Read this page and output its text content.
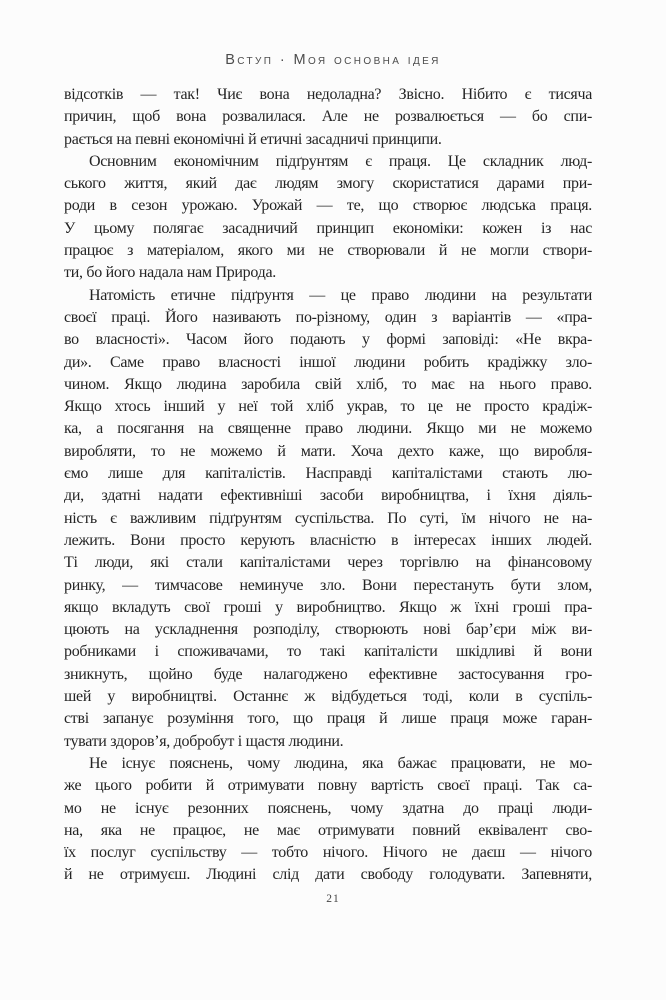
Вступ · Моя основна ідея
відсотків — так! Чиє вона недоладна? Звісно. Нібито є тисяча
причин, щоб вона розвалилася. Але не розвалюється — бо спи-
рається на певні економічні й етичні засадничі принципи.
Основним економічним підґрунтям є праця. Це складник люд-
ського життя, який дає людям змогу скористатися дарами при-
роди в сезон урожаю. Урожай — те, що створює людська праця.
У цьому полягає засадничий принцип економіки: кожен із нас
працює з матеріалом, якого ми не створювали й не могли створи-
ти, бо його надала нам Природа.
Натомість етичне підґрунтя — це право людини на результати
своєї праці. Його називають по-різному, один з варіантів — «пра-
во власності». Часом його подають у формі заповіді: «Не вкра-
ди». Саме право власності іншої людини робить крадіжку зло-
чином. Якщо людина заробила свій хліб, то має на нього право.
Якщо хтось інший у неї той хліб украв, то це не просто крадіж-
ка, а посягання на священне право людини. Якщо ми не можемо
виробляти, то не можемо й мати. Хоча дехто каже, що виробля-
ємо лише для капіталістів. Насправді капіталістами стають лю-
ди, здатні надати ефективніші засоби виробництва, і їхня діяль-
ність є важливим підґрунтям суспільства. По суті, їм нічого не на-
лежить. Вони просто керують власністю в інтересах інших людей.
Ті люди, які стали капіталістами через торгівлю на фінансовому
ринку, — тимчасове неминуче зло. Вони перестануть бути злом,
якщо вкладуть свої гроші у виробництво. Якщо ж їхні гроші пра-
цюють на ускладнення розподілу, створюють нові бар’єри між ви-
робниками і споживачами, то такі капіталісти шкідливі й вони
зникнуть, щойно буде налагоджено ефективне застосування гро-
шей у виробництві. Останнє ж відбудеться тоді, коли в суспіль-
стві запанує розуміння того, що праця й лише праця може гаран-
тувати здоров’я, добробут і щастя людини.
Не існує пояснень, чому людина, яка бажає працювати, не мо-
же цього робити й отримувати повну вартість своєї праці. Так са-
мо не існує резонних пояснень, чому здатна до праці люди-
на, яка не працює, не має отримувати повний еквівалент сво-
їх послуг суспільству — тобто нічого. Нічого не даєш — нічого
й не отримуєш. Людині слід дати свободу голодувати. Запевняти,
21
